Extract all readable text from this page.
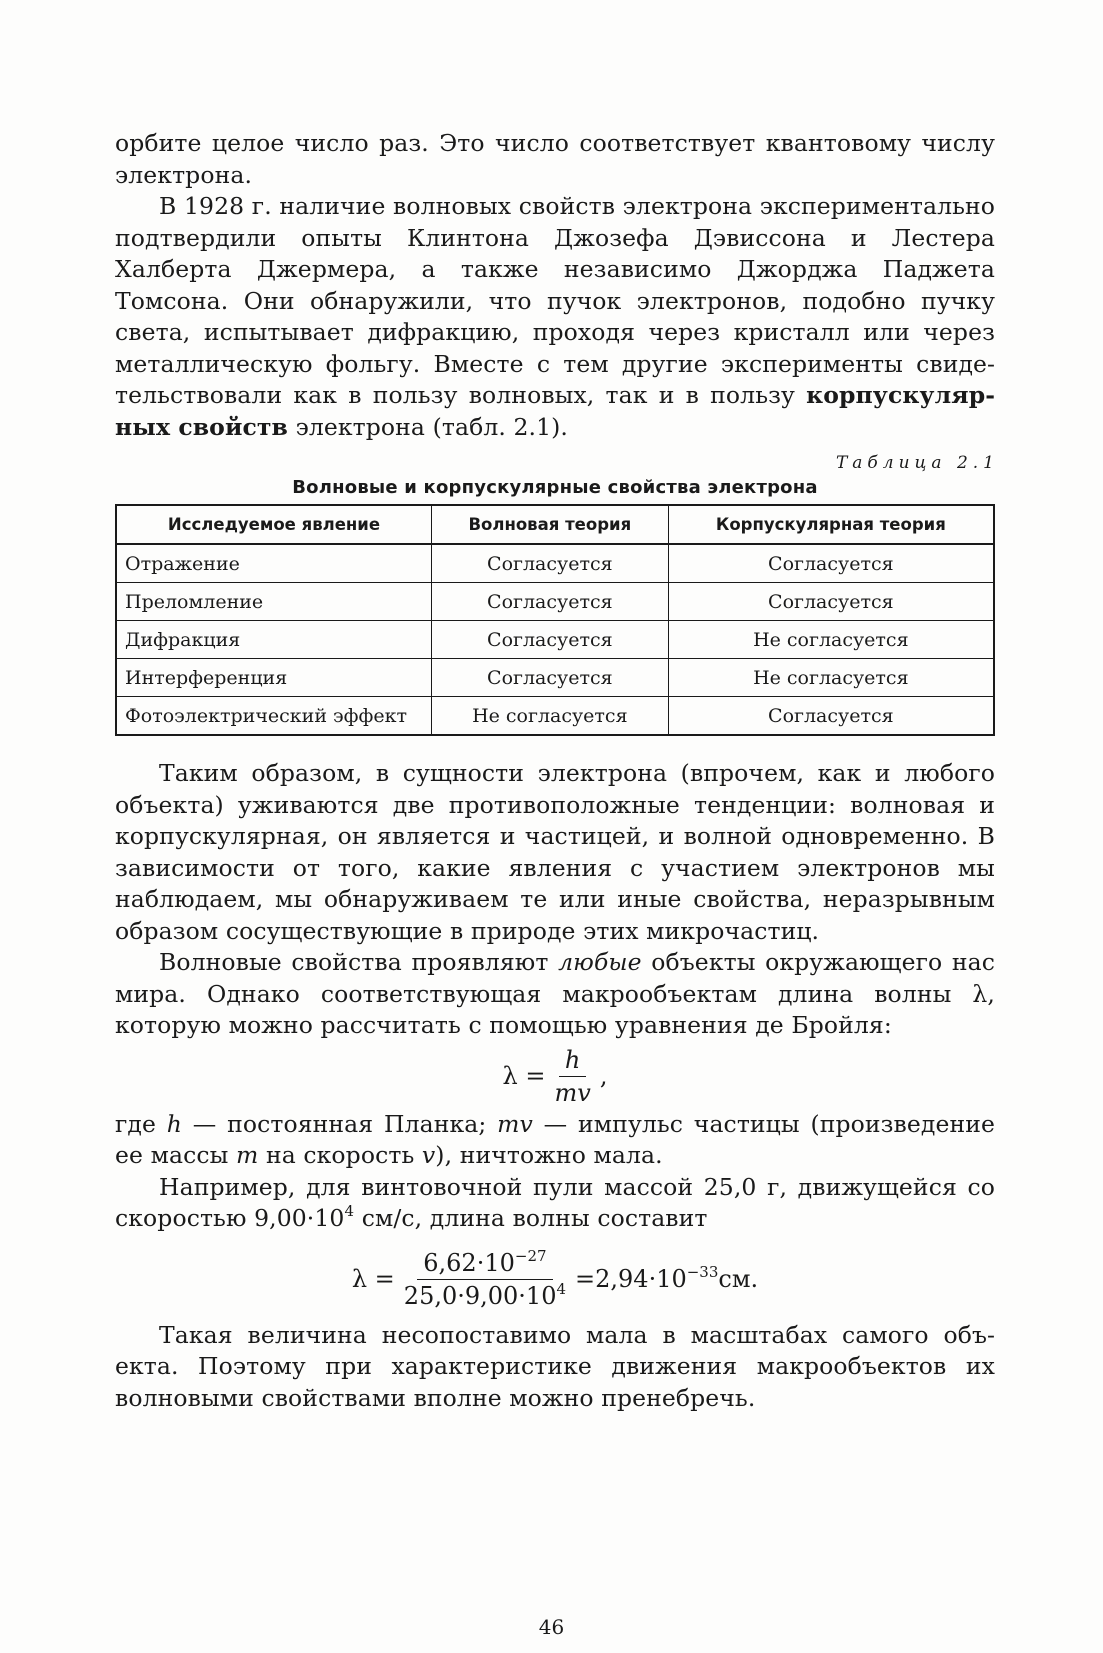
орбите целое число раз. Это число соответствует квантовому числу электрона.

В 1928 г. наличие волновых свойств электрона экспериментально подтвердили опыты Клинтона Джозефа Дэвиссона и Лестера Халберта Джермера, а также независимо Джорджа Паджета Томсона. Они обнаружили, что пучок электронов, подобно пучку света, испытывает дифракцию, проходя через кристалл или через металлическую фольгу. Вместе с тем другие эксперименты свидетельствовали как в пользу волновых, так и в пользу корпускулярных свойств электрона (табл. 2.1).

Таблица 2.1
Волновые и корпускулярные свойства электрона
Исследуемое явление	Волновая теория	Корпускулярная теория
Отражение	Согласуется	Согласуется
Преломление	Согласуется	Согласуется
Дифракция	Согласуется	Не согласуется
Интерференция	Согласуется	Не согласуется
Фотоэлектрический эффект	Не согласуется	Согласуется

Таким образом, в сущности электрона (впрочем, как и любого объекта) уживаются две противоположные тенденции: волновая и корпускулярная, он является и частицей, и волной одновременно. В зависимости от того, какие явления с участием электронов мы наблюдаем, мы обнаруживаем те или иные свойства, неразрывным образом сосуществующие в природе этих микрочастиц.

Волновые свойства проявляют любые объекты окружающего нас мира. Однако соответствующая макрообъектам длина волны λ, которую можно рассчитать с помощью уравнения де Бройля:

$\lambda = \frac{h}{mv}$ ,

где h — постоянная Планка; mv — импульс частицы (произведение ее массы m на скорость v), ничтожно мала.

Например, для винтовочной пули массой 25,0 г, движущейся со скоростью $9,00\cdot 10^4$ см/с, длина волны составит

$\lambda = \frac{6,62\cdot 10^{-27}}{25,0\cdot 9,00\cdot 10^4} = 2,94\cdot 10^{-33}$ см.

Такая величина несопоставимо мала в масштабах самого объекта. Поэтому при характеристике движения макрообъектов их волновыми свойствами вполне можно пренебречь.

46
